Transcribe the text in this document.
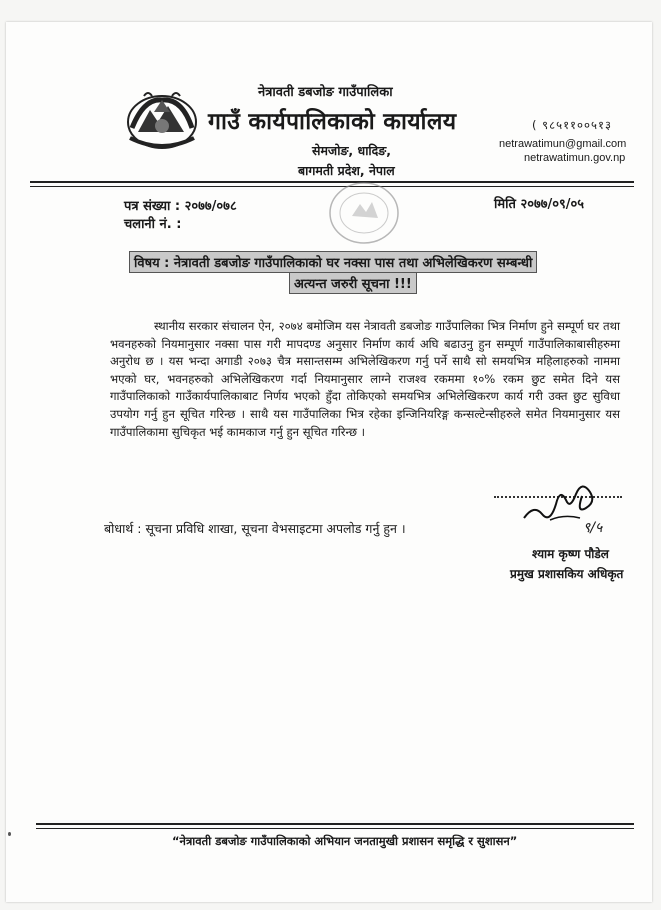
नेत्रावती डबजोङ गाउँपालिका
गाउँ कार्यपालिकाको कार्यालय
सेमजोङ, धादिङ,
बागमती प्रदेश, नेपाल
( ९८५११००५१३
netrawatimun@gmail.com
netrawatimun.gov.np
पत्र संख्या : २०७७/०७८
चलानी नं. :
मिति २०७७/०९/०५
विषय : नेत्रावती डबजोङ गाउँपालिकाको घर नक्सा पास तथा अभिलेखिकरण सम्बन्धी
अत्यन्त जरुरी सूचना !!!
स्थानीय सरकार संचालन ऐन, २०७४ बमोजिम यस नेत्रावती डबजोङ गाउँपालिका भित्र निर्माण हुने सम्पूर्ण घर तथा भवनहरुको नियमानुसार नक्सा पास गरी मापदण्ड अनुसार निर्माण कार्य अघि बढाउनु हुन सम्पूर्ण गाउँपालिकाबासीहरुमा अनुरोध छ । यस भन्दा अगाडी २०७३ चैत्र मसान्तसम्म अभिलेखिकरण गर्नु पर्ने साथै सो समयभित्र महिलाहरुको नाममा भएको घर, भवनहरुको अभिलेखिकरण गर्दा नियमानुसार लाग्ने राजश्व रकममा १०% रकम छुट समेत दिने यस गाउँपालिकाको गाउँकार्यपालिकाबाट निर्णय भएको हुँदा तोकिएको समयभित्र अभिलेखिकरण कार्य गरी उक्त छुट सुविधा उपयोग गर्नु हुन सूचित गरिन्छ । साथै यस गाउँपालिका भित्र रहेका इन्जिनियरिङ्ग कन्सल्टेन्सीहरुले समेत नियमानुसार यस गाउँपालिकामा सुचिकृत भई कामकाज गर्नु हुन सूचित गरिन्छ ।
बोधार्थ : सूचना प्रविधि शाखा, सूचना वेभसाइटमा अपलोड गर्नु हुन ।	९/५
श्याम कृष्ण पौडेल
प्रमुख प्रशासकिय अधिकृत
“नेत्रावती डबजोङ गाउँपालिकाको अभियान जनतामुखी प्रशासन समृद्धि र सुशासन”
